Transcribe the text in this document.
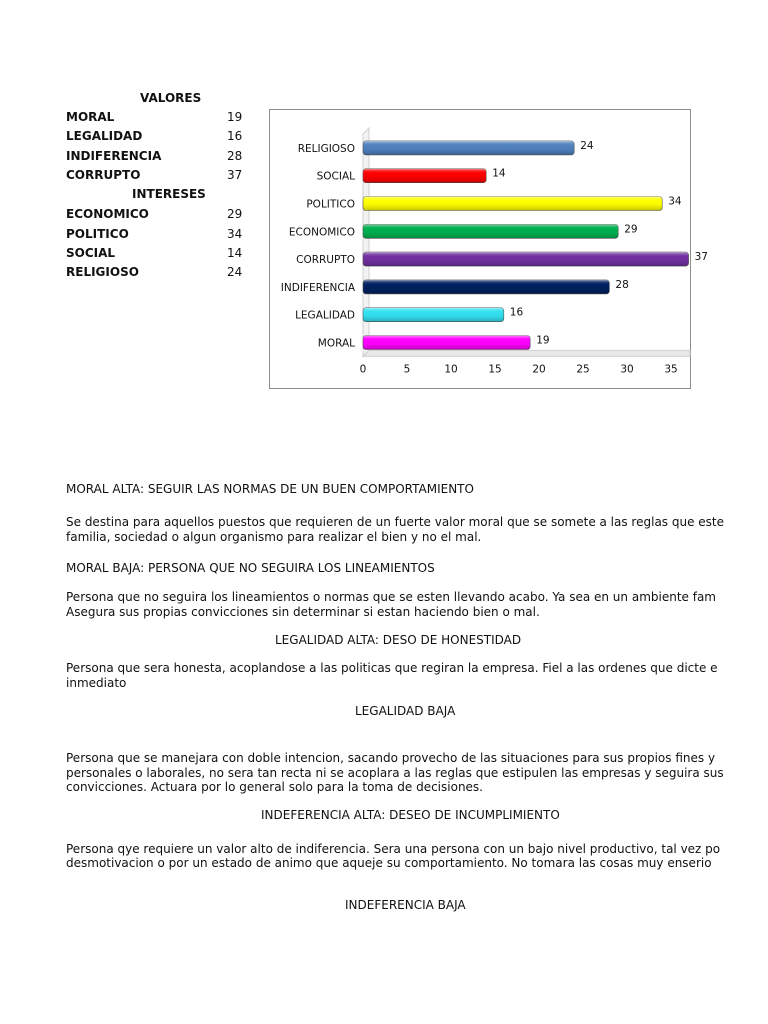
VALORES
MORAL	19
LEGALIDAD	16
INDIFERENCIA	28
CORRUPTO	37
INTERESES
ECONOMICO	29
POLITICO	34
SOCIAL	14
RELIGIOSO	24
RELIGIOSO	24
SOCIAL	14
POLITICO	34
ECONOMICO	29
CORRUPTO	37
INDIFERENCIA	28
LEGALIDAD	16
MORAL	19
0	5	10	15	20	25	30	35
MORAL ALTA: SEGUIR LAS NORMAS DE UN BUEN COMPORTAMIENTO
Se destina para aquellos puestos que requieren de un fuerte valor moral que se somete a las reglas que este
familia, sociedad o algun organismo para realizar el bien y no el mal.
MORAL BAJA: PERSONA QUE NO SEGUIRA LOS LINEAMIENTOS
Persona que no seguira los lineamientos o normas que se esten llevando acabo. Ya sea en un ambiente fam
Asegura sus propias convicciones sin determinar si estan haciendo bien o mal.
LEGALIDAD ALTA: DESO DE HONESTIDAD
Persona que sera honesta, acoplandose a las politicas que regiran la empresa. Fiel a las ordenes que dicte e
inmediato
LEGALIDAD BAJA
Persona que se manejara con doble intencion, sacando provecho de las situaciones para sus propios fines y
personales o laborales, no sera tan recta ni se acoplara a las reglas que estipulen las empresas y seguira sus
convicciones. Actuara por lo general solo para la toma de decisiones.
INDEFERENCIA ALTA: DESEO DE INCUMPLIMIENTO
Persona qye requiere un valor alto de indiferencia. Sera una persona con un bajo nivel productivo, tal vez po
desmotivacion o por un estado de animo que aqueje su comportamiento. No tomara las cosas muy enserio
INDEFERENCIA BAJA
